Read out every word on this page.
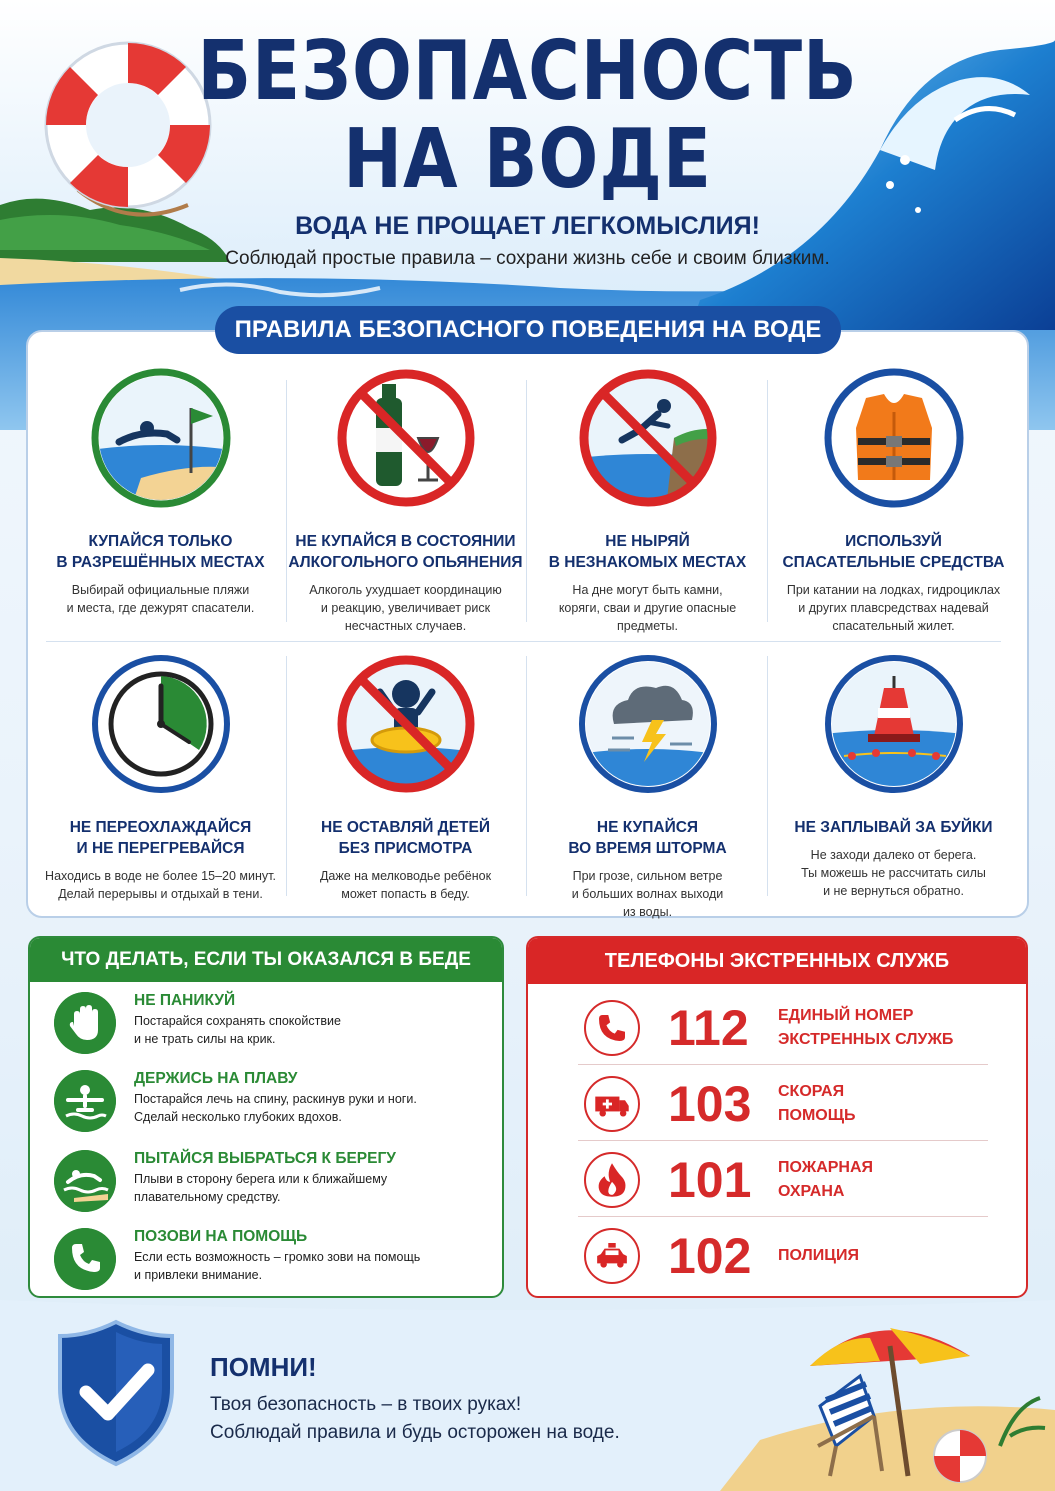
БЕЗОПАСНОСТЬ
НА ВОДЕ
ВОДА НЕ ПРОЩАЕТ ЛЕГКОМЫСЛИЯ!
Соблюдай простые правила – сохрани жизнь себе и своим близким.
ПРАВИЛА БЕЗОПАСНОГО ПОВЕДЕНИЯ НА ВОДЕ
КУПАЙСЯ ТОЛЬКО
В РАЗРЕШЁННЫХ МЕСТАХ
Выбирай официальные пляжи
и места, где дежурят спасатели.
НЕ КУПАЙСЯ В СОСТОЯНИИ
АЛКОГОЛЬНОГО ОПЬЯНЕНИЯ
Алкоголь ухудшает координацию
и реакцию, увеличивает риск
несчастных случаев.
НЕ НЫРЯЙ
В НЕЗНАКОМЫХ МЕСТАХ
На дне могут быть камни,
коряги, сваи и другие опасные
предметы.
ИСПОЛЬЗУЙ
СПАСАТЕЛЬНЫЕ СРЕДСТВА
При катании на лодках, гидроциклах
и других плавсредствах надевай
спасательный жилет.
НЕ ПЕРЕОХЛАЖДАЙСЯ
И НЕ ПЕРЕГРЕВАЙСЯ
Находись в воде не более 15–20 минут.
Делай перерывы и отдыхай в тени.
НЕ ОСТАВЛЯЙ ДЕТЕЙ
БЕЗ ПРИСМОТРА
Даже на мелководье ребёнок
может попасть в беду.
НЕ КУПАЙСЯ
ВО ВРЕМЯ ШТОРМА
При грозе, сильном ветре
и больших волнах выходи
из воды.
НЕ ЗАПЛЫВАЙ ЗА БУЙКИ
Не заходи далеко от берега.
Ты можешь не рассчитать силы
и не вернуться обратно.
ЧТО ДЕЛАТЬ, ЕСЛИ ТЫ ОКАЗАЛСЯ В БЕДЕ
НЕ ПАНИКУЙ
Постарайся сохранять спокойствие
и не трать силы на крик.
ДЕРЖИСЬ НА ПЛАВУ
Постарайся лечь на спину, раскинув руки и ноги.
Сделай несколько глубоких вдохов.
ПЫТАЙСЯ ВЫБРАТЬСЯ К БЕРЕГУ
Плыви в сторону берега или к ближайшему
плавательному средству.
ПОЗОВИ НА ПОМОЩЬ
Если есть возможность – громко зови на помощь
и привлеки внимание.
ТЕЛЕФОНЫ ЭКСТРЕННЫХ СЛУЖБ
112 ЕДИНЫЙ НОМЕР
ЭКСТРЕННЫХ СЛУЖБ
103 СКОРАЯ
ПОМОЩЬ
101 ПОЖАРНАЯ
ОХРАНА
102 ПОЛИЦИЯ
ПОМНИ!
Твоя безопасность – в твоих руках!
Соблюдай правила и будь осторожен на воде.
